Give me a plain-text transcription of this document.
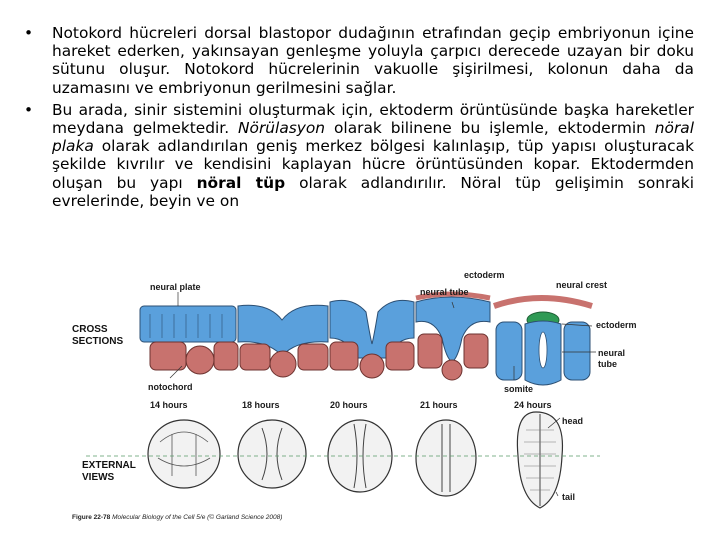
• Notokord hücreleri dorsal blastopor dudağının etrafından geçip embriyonun içine hareket ederken, yakınsayan genleşme yoluyla çarpıcı derecede uzayan bir doku sütunu oluşur. Notokord hücrelerinin vakuolle şişirilmesi, kolonun daha da uzamasını ve embriyonun gerilmesini sağlar.
• Bu arada, sinir sistemini oluşturmak için, ektoderm örüntüsünde başka hareketler meydana gelmektedir. Nörülasyon olarak bilinene bu işlemle, ektodermin nöral plaka olarak adlandırılan geniş merkez bölgesi kalınlaşıp, tüp yapısı oluşturacak şekilde kıvrılır ve kendisini kaplayan hücre örüntüsünden kopar. Ektodermden oluşan bu yapı nöral tüp olarak adlandırılır. Nöral tüp gelişimin sonraki evrelerinde, beyin ve on
neural plate
ectoderm
neural crest
neural tube
ectoderm
neural
tube
CROSS
SECTIONS
notochord	somite
14 hours	18 hours	20 hours	21 hours	24 hours
head
tail
EXTERNAL
VIEWS
Figure 22-78 Molecular Biology of the Cell 5/e (© Garland Science 2008)
